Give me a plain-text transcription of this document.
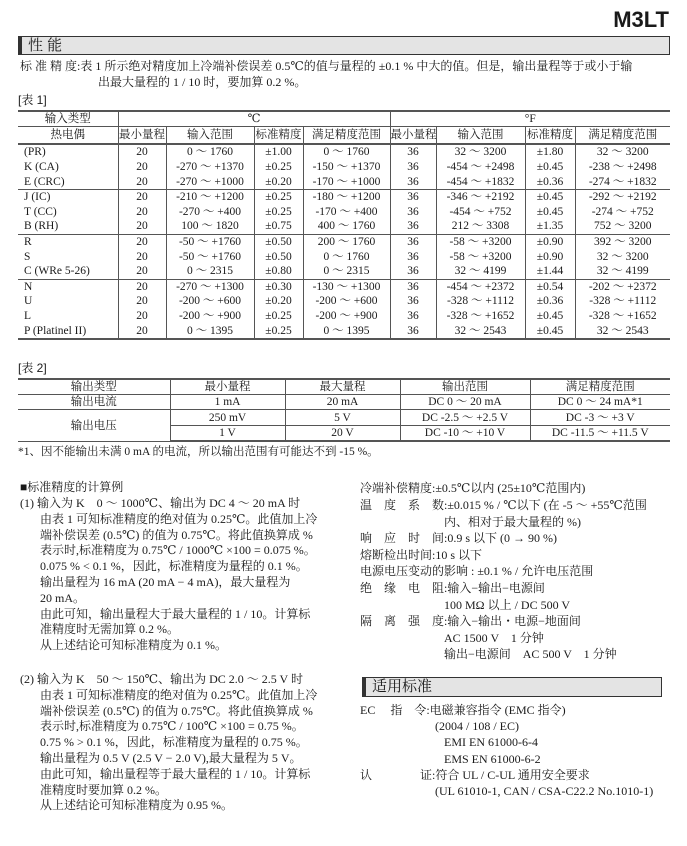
M3LT
性 能
标 准 精 度:表 1 所示绝对精度加上冷端补偿误差 0.5℃的值与量程的 ±0.1 % 中大的值。但是，输出量程等于或小于输
出最大量程的 1 / 10 时，要加算 0.2 %。
[表 1]
输入类型	℃				°F			
热电偶	最小量程	输入范围	标准精度	满足精度范围	最小量程	输入范围	标准精度	满足精度范围
(PR)	20	0 ～ 1760	±1.00	0 ～ 1760	36	32 ～ 3200	±1.80	32 ～ 3200
K (CA)	20	-270 ～ +1370	±0.25	-150 ～ +1370	36	-454 ～ +2498	±0.45	-238 ～ +2498
E (CRC)	20	-270 ～ +1000	±0.20	-170 ～ +1000	36	-454 ～ +1832	±0.36	-274 ～ +1832
J (IC)	20	-210 ～ +1200	±0.25	-180 ～ +1200	36	-346 ～ +2192	±0.45	-292 ～ +2192
T (CC)	20	-270 ～ +400	±0.25	-170 ～ +400	36	-454 ～ +752	±0.45	-274 ～ +752
B (RH)	20	100 ～ 1820	±0.75	400 ～ 1760	36	212 ～ 3308	±1.35	752 ～ 3200
R	20	-50 ～ +1760	±0.50	200 ～ 1760	36	-58 ～ +3200	±0.90	392 ～ 3200
S	20	-50 ～ +1760	±0.50	0 ～ 1760	36	-58 ～ +3200	±0.90	32 ～ 3200
C (WRe 5-26)	20	0 ～ 2315	±0.80	0 ～ 2315	36	32 ～ 4199	±1.44	32 ～ 4199
N	20	-270 ～ +1300	±0.30	-130 ～ +1300	36	-454 ～ +2372	±0.54	-202 ～ +2372
U	20	-200 ～ +600	±0.20	-200 ～ +600	36	-328 ～ +1112	±0.36	-328 ～ +1112
L	20	-200 ～ +900	±0.25	-200 ～ +900	36	-328 ～ +1652	±0.45	-328 ～ +1652
P (Platinel II)	20	0 ～ 1395	±0.25	0 ～ 1395	36	32 ～ 2543	±0.45	32 ～ 2543
[表 2]
输出类型	最小量程	最大量程	输出范围	满足精度范围
输出电流	1 mA	20 mA	DC 0 ～ 20 mA	DC 0 ～ 24 mA*1
输出电压	250 mV	5 V	DC -2.5 ～ +2.5 V	DC -3 ～ +3 V
	1 V	20 V	DC -10 ～ +10 V	DC -11.5 ～ +11.5 V
*1、因不能输出未满 0 mA 的电流，所以输出范围有可能达不到 -15 %。
■标准精度的计算例
(1) 输入为 K　0 ～ 1000℃、输出为 DC 4 ～ 20 mA 时
由表 1 可知标准精度的绝对值为 0.25℃。此值加上冷
端补偿误差 (0.5℃) 的值为 0.75℃。将此值换算成 %
表示时,标准精度为 0.75℃ / 1000℃ ×100 = 0.075 %。
0.075 % < 0.1 %，因此，标准精度为量程的 0.1 %。
输出量程为 16 mA (20 mA − 4 mA)，最大量程为
20 mA。
由此可知，输出量程大于最大量程的 1 / 10。计算标
准精度时无需加算 0.2 %。
从上述结论可知标准精度为 0.1 %。
(2) 输入为 K　50 ～ 150℃、输出为 DC 2.0 ～ 2.5 V 时
由表 1 可知标准精度的绝对值为 0.25℃。此值加上冷
端补偿误差 (0.5℃) 的值为 0.75℃。将此值换算成 %
表示时,标准精度为 0.75℃ / 100℃ ×100 = 0.75 %。
0.75 % > 0.1 %，因此，标准精度为量程的 0.75 %。
输出量程为 0.5 V (2.5 V − 2.0 V),最大量程为 5 V。
由此可知，输出量程等于最大量程的 1 / 10。计算标
准精度时要加算 0.2 %。
从上述结论可知标准精度为 0.95 %。
冷端补偿精度:±0.5℃以内 (25±10℃范围内)
温　度　系　数:±0.015 % / ℃以下 (在 -5 ～ +55℃范围
　　　　　　　内、相对于最大量程的 %)
响　应　时　间:0.9 s 以下 (0 → 90 %)
熔断检出时间:10 s 以下
电源电压变动的影响 : ±0.1 % / 允许电压范围
绝　缘　电　阻:输入−输出−电源间
　　　　　　　100 MΩ 以上 / DC 500 V
隔　离　强　度:输入−输出・电源−地面间
　　　　　　　AC 1500 V　1 分钟
　　　　　　　输出−电源间　AC 500 V　1 分钟
适用标准
EC　 指　令:电磁兼容指令 (EMC 指令)
　　　　　　 (2004 / 108 / EC)
　　　　　　　EMI EN 61000-6-4
　　　　　　　EMS EN 61000-6-2
认　　　　证:符合 UL / C-UL 通用安全要求
　　　　　　 (UL 61010-1, CAN / CSA-C22.2 No.1010-1)
